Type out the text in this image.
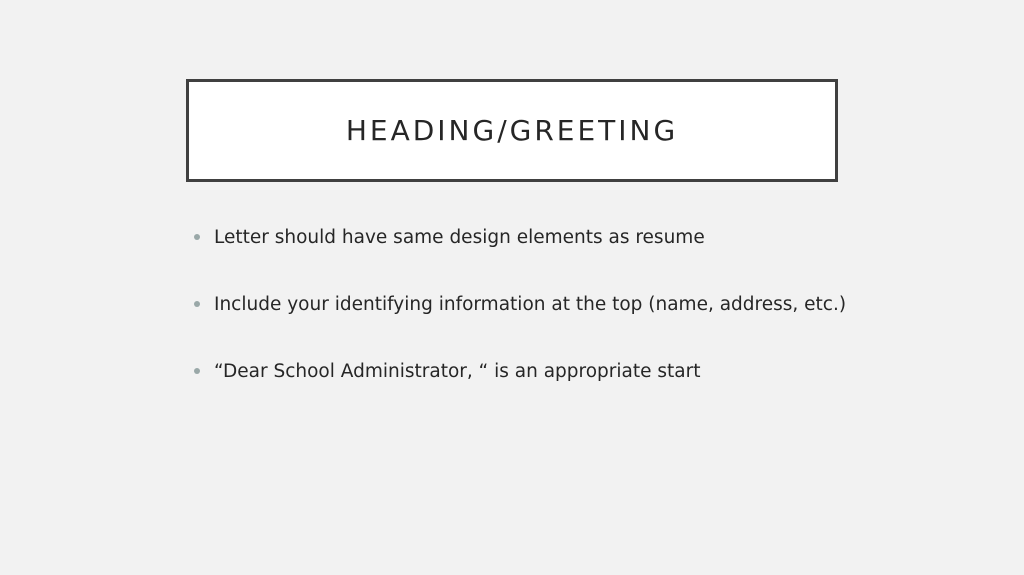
HEADING/GREETING
Letter should have same design elements as resume
Include your identifying information at the top (name, address, etc.)
“Dear School Administrator, “ is an appropriate start
